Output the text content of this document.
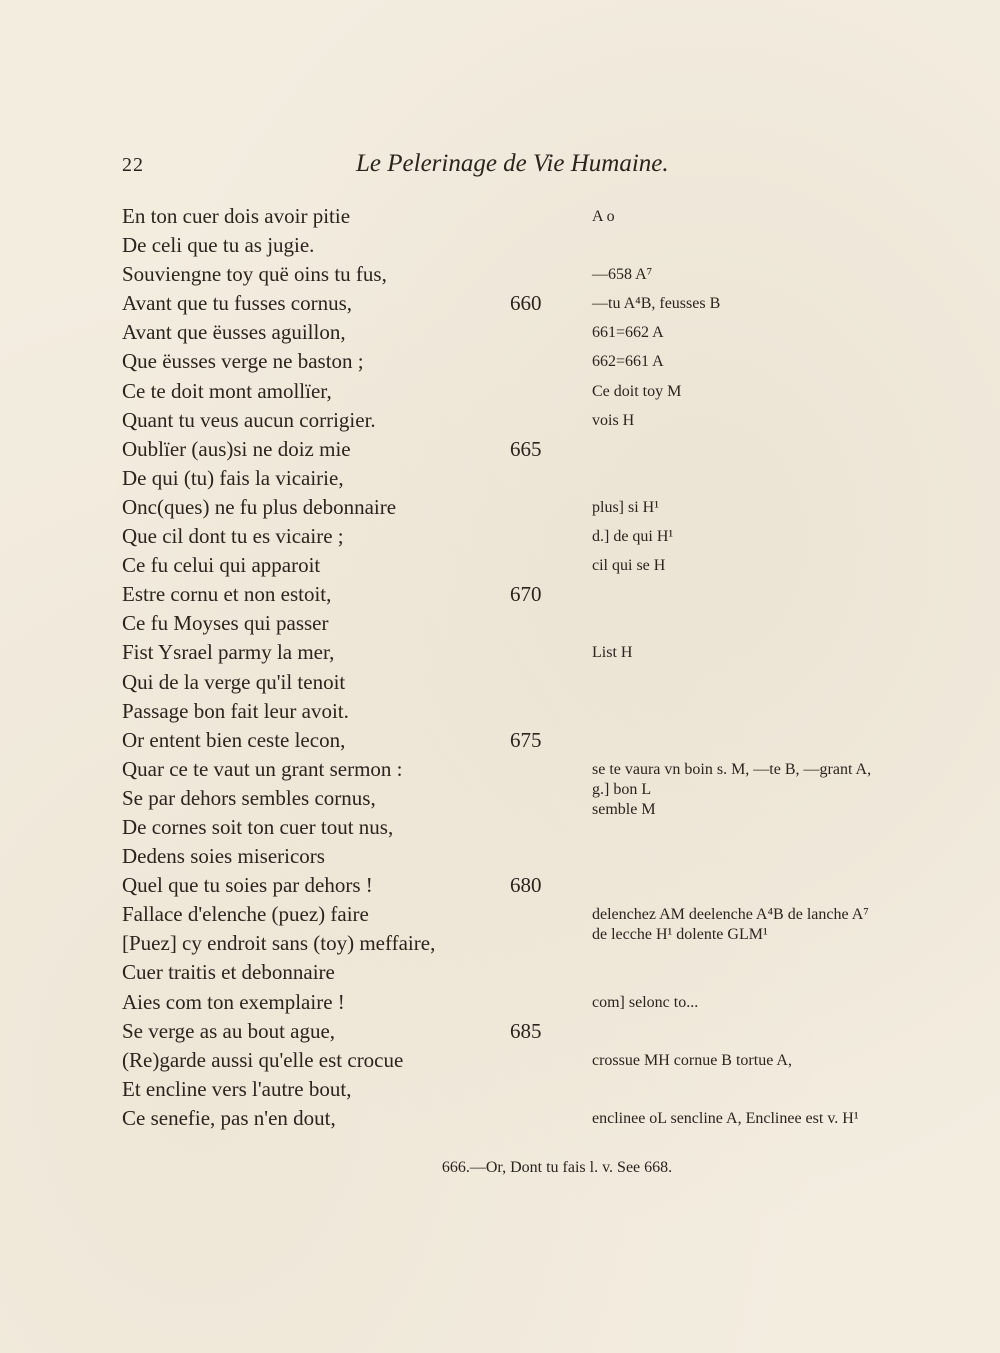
22	Le Pelerinage de Vie Humaine.
En ton cuer dois avoir pitie
De celi que tu as jugie.
Souviengne toy quë oins tu fus,
Avant que tu fusses cornus,	660
Avant que ëusses aguillon,
Que ëusses verge ne baston ;
Ce te doit mont amollïer,
Quant tu veus aucun corrigier.
Oublïer (aus)si ne doiz mie	665
De qui (tu) fais la vicairie,
Onc(ques) ne fu plus debonnaire
Que cil dont tu es vicaire ;
Ce fu celui qui apparoit
Estre cornu et non estoit,	670
Ce fu Moyses qui passer
Fist Ysrael parmy la mer,
Qui de la verge qu'il tenoit
Passage bon fait leur avoit.
Or entent bien ceste lecon,	675
Quar ce te vaut un grant sermon :
Se par dehors sembles cornus,
De cornes soit ton cuer tout nus,
Dedens soies misericors
Quel que tu soies par dehors !	680
Fallace d'elenche (puez) faire
[Puez] cy endroit sans (toy) meffaire,
Cuer traitis et debonnaire
Aies com ton exemplaire !
Se verge as au bout ague,	685
(Re)garde aussi qu'elle est crocue
Et encline vers l'autre bout,
Ce senefie, pas n'en dout,
A o
—658 A⁷
—tu A⁴B, feusses B
661=662 A
662=661 A
Ce doit toy M
vois H
plus] si H¹
d.] de qui H¹
cil qui se H
List H
se te vaura vn boin s. M, —te B, —grant A,
g.] bon L
semble M
delenchez AM deelenche A⁴B de lanche A⁷
de lecche H¹ dolente GLM¹
com] selonc to...
crossue MH cornue B tortue A,
enclinee oL sencline A, Enclinee est v. H¹
666.—Or, Dont tu fais l. v. See 668.
